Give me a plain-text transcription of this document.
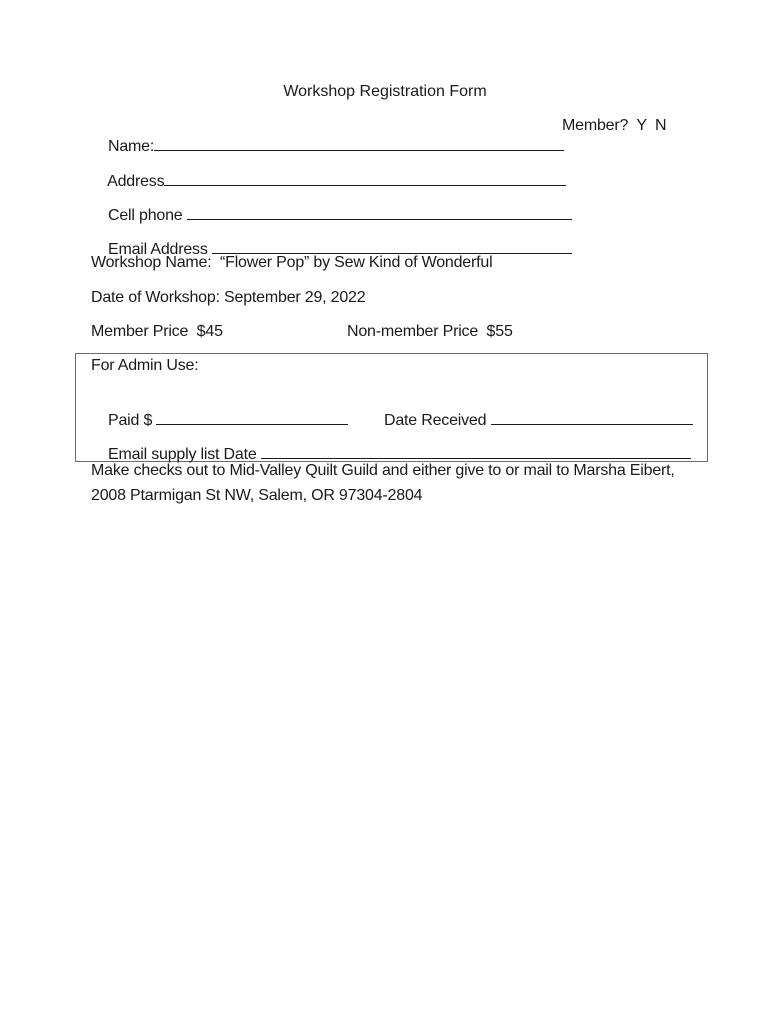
Workshop Registration Form

Name:

Member?  Y  N

Address

Cell phone

Email Address

Workshop Name:  “Flower Pop” by Sew Kind of Wonderful
Date of Workshop: September 29, 2022
Member Price  $45	Non-member Price  $55
For Admin Use:

Paid $
	Date Received

Email supply list Date

Make checks out to Mid-Valley Quilt Guild and either give to or mail to Marsha Eibert, 2008 Ptarmigan St NW, Salem, OR 97304-2804
